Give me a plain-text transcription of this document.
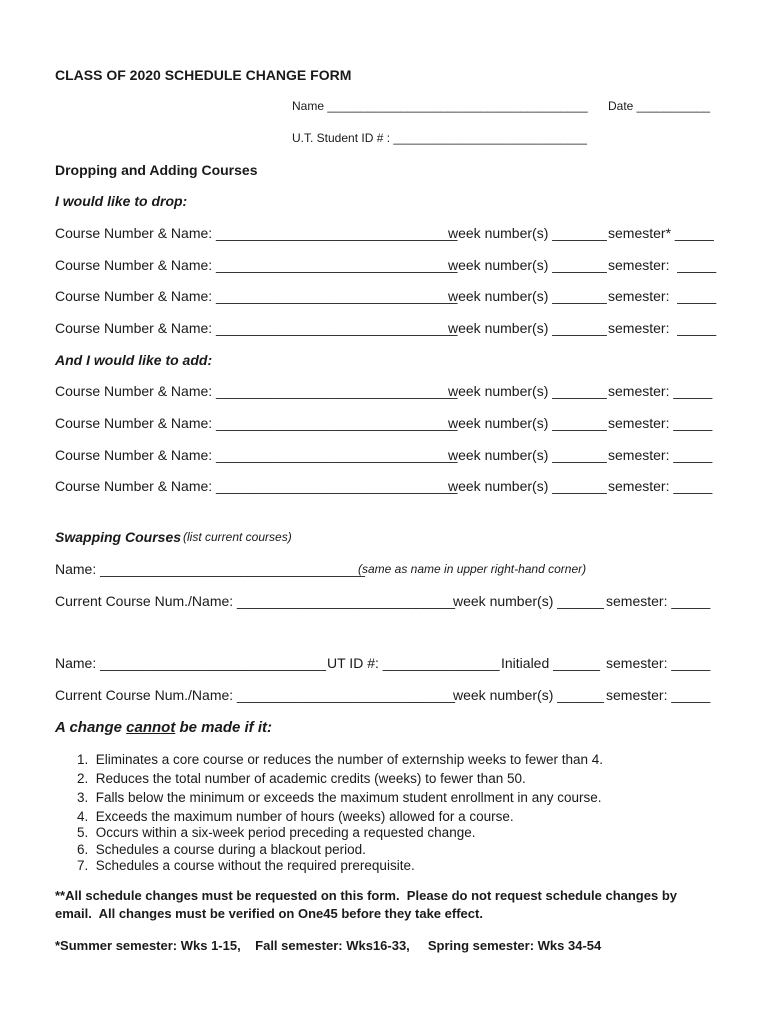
CLASS OF 2020 SCHEDULE CHANGE FORM
Name _______________________________________ Date ___________
U.T. Student ID # : _____________________________
Dropping and Adding Courses
I would like to drop:
Course Number & Name: _______________________________
week number(s) _______ semester* _____
Course Number & Name: _______________________________
week number(s) _______ semester:  _____
Course Number & Name: _______________________________
week number(s) _______ semester:  _____
Course Number & Name: _______________________________
week number(s) _______ semester:  _____
And I would like to add:
Course Number & Name: _______________________________
week number(s) _______ semester: _____
Course Number & Name: _______________________________
week number(s) _______ semester: _____
Course Number & Name: _______________________________
week number(s) _______ semester: _____
Course Number & Name: _______________________________
week number(s) _______ semester: _____
Swapping Courses (list current courses)
Name: __________________________________
(same as name in upper right-hand corner)
Current Course Num./Name: ____________________________
week number(s) ______ semester: _____
Name: _____________________________ UT ID #: _______________ Initialed ______ semester: _____
Current Course Num./Name: ____________________________
week number(s) ______ semester: _____
A change cannot be made if it:
1.  Eliminates a core course or reduces the number of externship weeks to fewer than 4.
2.  Reduces the total number of academic credits (weeks) to fewer than 50.
3.  Falls below the minimum or exceeds the maximum student enrollment in any course.
4.  Exceeds the maximum number of hours (weeks) allowed for a course.
5.  Occurs within a six-week period preceding a requested change.
6.  Schedules a course during a blackout period.
7.  Schedules a course without the required prerequisite.
**All schedule changes must be requested on this form.  Please do not request schedule changes by
email.  All changes must be verified on One45 before they take effect.
*Summer semester: Wks 1-15,    Fall semester: Wks16-33,     Spring semester: Wks 34-54
